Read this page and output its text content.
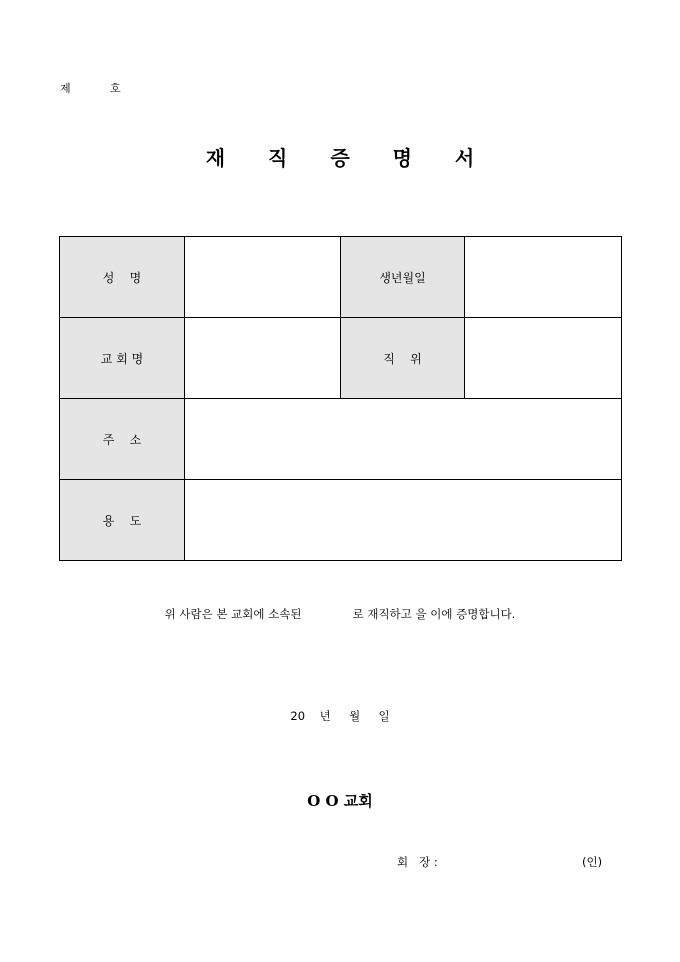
제	호
재 직 증 명 서
성    명		생년월일	
교 회 명		직    위	
주    소			
용    도			
위 사람은 본 교회에 소속된              로 재직하고 을 이에 증명합니다.
20    년     월     일
O O 교회
회   장 :	(인)
